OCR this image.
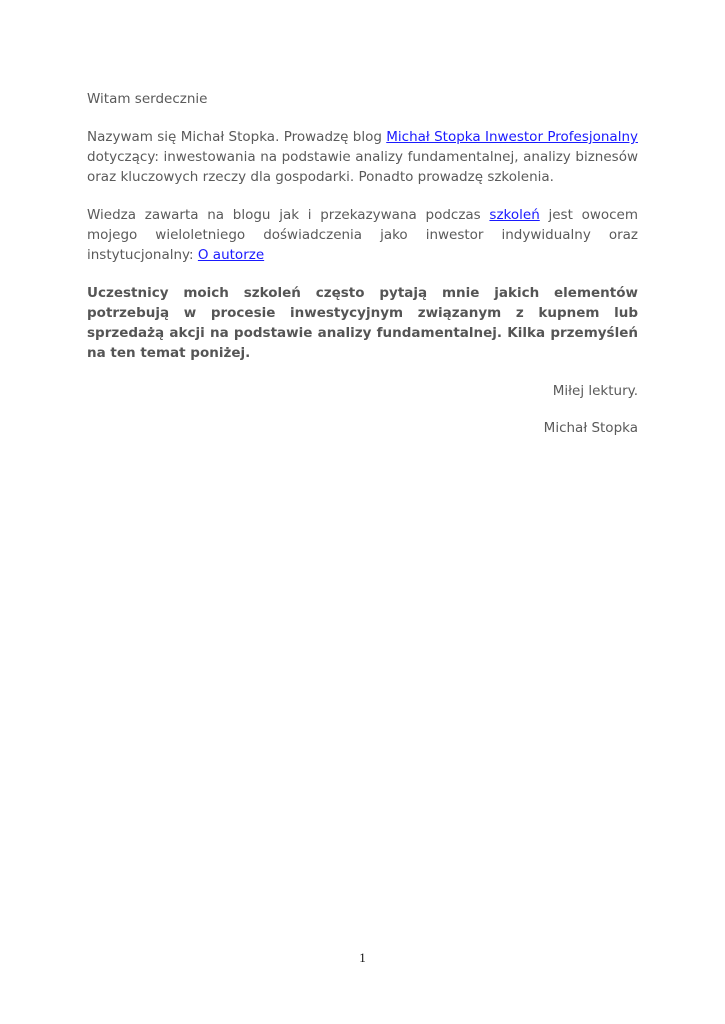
Witam serdecznie

Nazywam się Michał Stopka. Prowadzę blog Michał Stopka Inwestor Profesjonalny dotyczący: inwestowania na podstawie analizy fundamentalnej, analizy biznesów oraz kluczowych rzeczy dla gospodarki. Ponadto prowadzę szkolenia.

Wiedza zawarta na blogu jak i przekazywana podczas szkoleń jest owocem mojego wieloletniego doświadczenia jako inwestor indywidualny oraz instytucjonalny: O autorze

Uczestnicy moich szkoleń często pytają mnie jakich elementów potrzebują w procesie inwestycyjnym związanym z kupnem lub sprzedażą akcji na podstawie analizy fundamentalnej. Kilka przemyśleń na ten temat poniżej.

Miłej lektury.

Michał Stopka

1
